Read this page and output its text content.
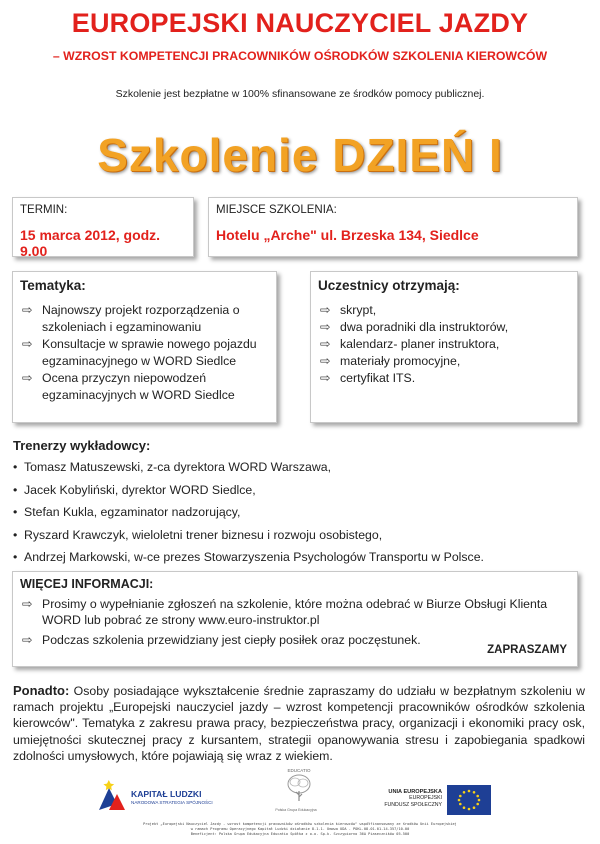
EUROPEJSKI NAUCZYCIEL JAZDY
– WZROST KOMPETENCJI PRACOWNIKÓW OŚRODKÓW SZKOLENIA KIEROWCÓW
Szkolenie jest bezpłatne w 100% sfinansowane ze środków pomocy publicznej.
Szkolenie DZIEŃ I
TERMIN:
15 marca 2012, godz. 9.00
MIEJSCE SZKOLENIA:
Hotelu „Arche" ul. Brzeska 134, Siedlce
Tematyka:
⇨ Najnowszy projekt rozporządzenia o szkoleniach i egzaminowaniu
⇨ Konsultacje w sprawie nowego pojazdu egzaminacyjnego w WORD Siedlce
⇨ Ocena przyczyn niepowodzeń egzaminacyjnych w WORD Siedlce
Uczestnicy otrzymają:
⇨ skrypt,
⇨ dwa poradniki dla instruktorów,
⇨ kalendarz- planer instruktora,
⇨ materiały promocyjne,
⇨ certyfikat ITS.
Trenerzy wykładowcy:
• Tomasz Matuszewski, z-ca dyrektora WORD Warszawa,
• Jacek Kobyliński, dyrektor WORD Siedlce,
• Stefan Kukla, egzaminator nadzorujący,
• Ryszard Krawczyk, wieloletni trener biznesu i rozwoju osobistego,
• Andrzej Markowski, w-ce prezes Stowarzyszenia Psychologów Transportu w Polsce.
WIĘCEJ INFORMACJI:
⇨ Prosimy o wypełnianie zgłoszeń na szkolenie, które można odebrać w Biurze Obsługi Klienta WORD lub pobrać ze strony www.euro-instruktor.pl
⇨ Podczas szkolenia przewidziany jest ciepły posiłek oraz poczęstunek.
ZAPRASZAMY
Ponadto: Osoby posiadające wykształcenie średnie zapraszamy do udziału w bezpłatnym szkoleniu w ramach projektu „Europejski nauczyciel jazdy – wzrost kompetencji pracowników ośrodków szkolenia kierowców". Tematyka z zakresu prawa pracy, bezpieczeństwa pracy, organizacji i ekonomiki pracy osk, umiejętności skutecznej pracy z kursantem, strategii opanowywania stresu i zapobiegania spadkowi zdolności umysłowych, które pojawiają się wraz z wiekiem.
KAPITAŁ LUDZKI
NARODOWA STRATEGIA SPÓJNOŚCI
EDUCATIO
Polska Grupa Edukacyjna
UNIA EUROPEJSKA
EUROPEJSKI
FUNDUSZ SPOŁECZNY
Projekt „Europejski Nauczyciel Jazdy - wzrost kompetencji pracowników ośrodków szkolenia kierowców" współfinansowany ze środków Unii Europejskiej
w ramach Programu Operacyjnego Kapitał Ludzki działanie 8.1.1. Umowa UDA - POKL.08.01.01-14-357/10-00
Beneficjent: Polska Grupa Edukacyjna Educatio Spółka z o.o. Sp.k. Szczypiorno 36A Piaseczników 05-500
